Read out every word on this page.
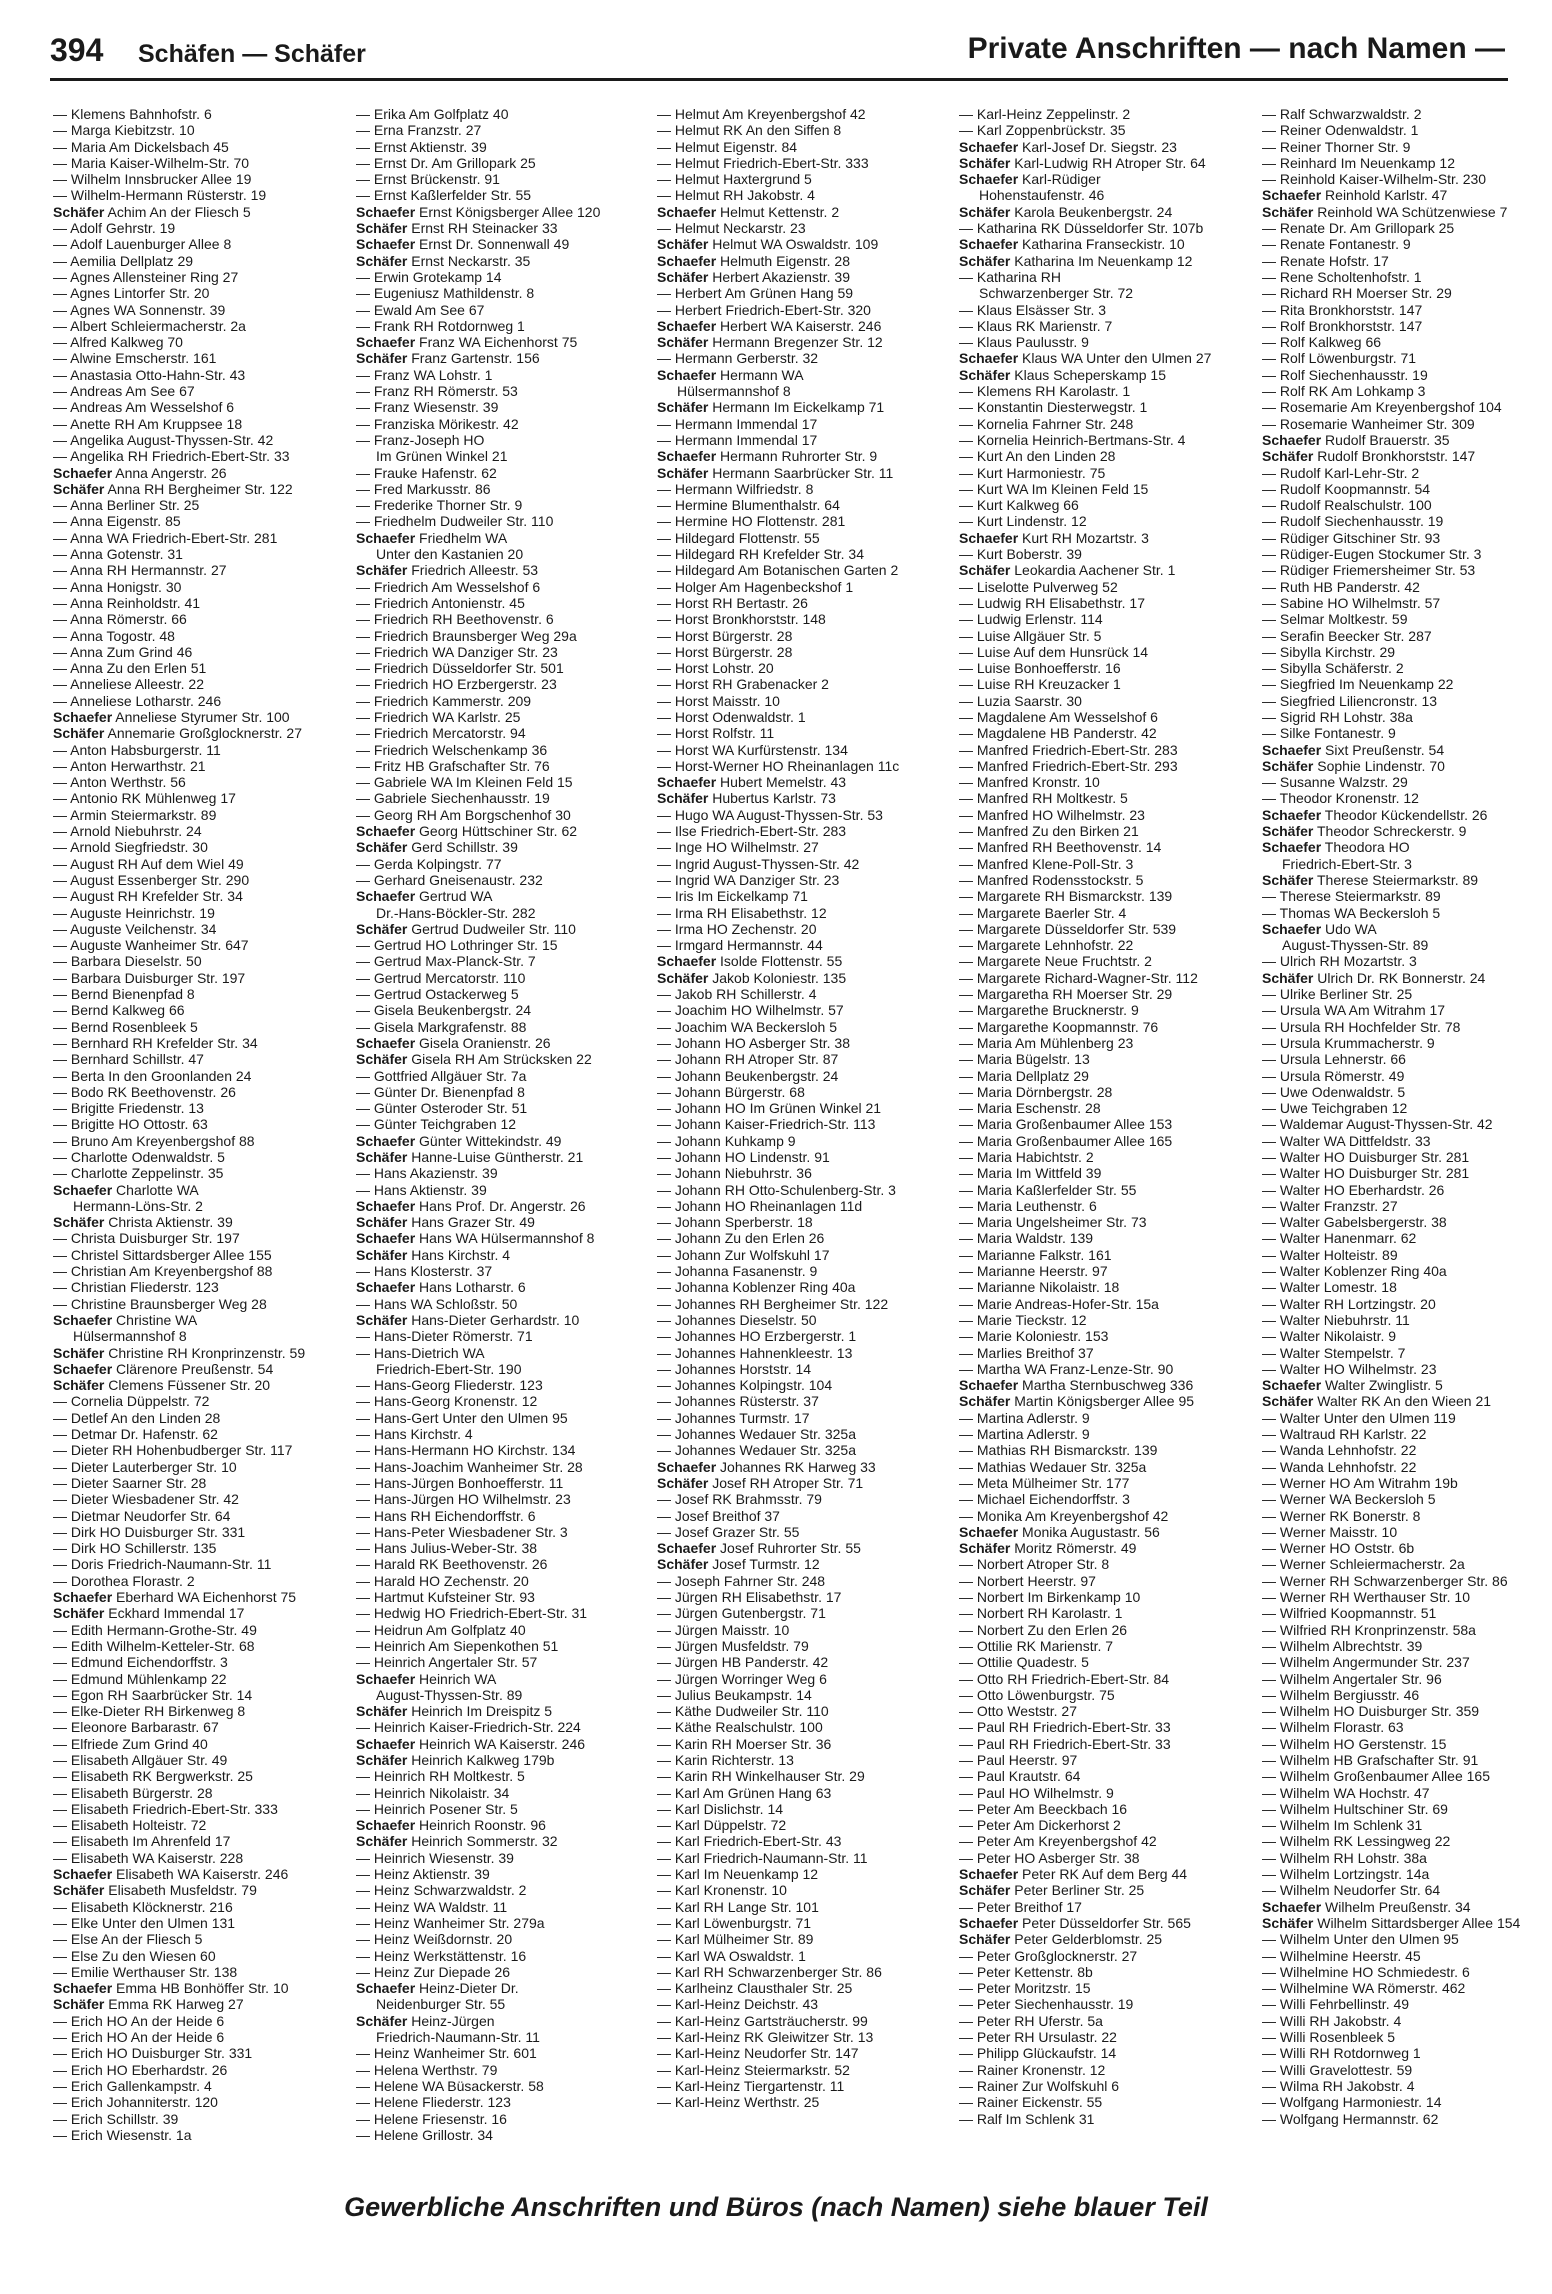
394 Schäfen — Schäfer	Private Anschriften — nach Namen —
— Klemens Bahnhofstr. 6
— Marga Kiebitzstr. 10
— Maria Am Dickelsbach 45
— Maria Kaiser-Wilhelm-Str. 70
— Wilhelm Innsbrucker Allee 19
— Wilhelm-Hermann Rüsterstr. 19
Schäfer Achim An der Fliesch 5
— Adolf Gehrstr. 19
— Adolf Lauenburger Allee 8
— Aemilia Dellplatz 29
— Agnes Allensteiner Ring 27
— Agnes Lintorfer Str. 20
— Agnes WA Sonnenstr. 39
— Albert Schleiermacherstr. 2a
— Alfred Kalkweg 70
— Alwine Emscherstr. 161
— Anastasia Otto-Hahn-Str. 43
— Andreas Am See 67
— Andreas Am Wesselshof 6
— Anette RH Am Kruppsee 18
— Angelika August-Thyssen-Str. 42
— Angelika RH Friedrich-Ebert-Str. 33
Schaefer Anna Angerstr. 26
Schäfer Anna RH Bergheimer Str. 122
— Anna Berliner Str. 25
— Anna Eigenstr. 85
— Anna WA Friedrich-Ebert-Str. 281
— Anna Gotenstr. 31
— Anna RH Hermannstr. 27
— Anna Honigstr. 30
— Anna Reinholdstr. 41
— Anna Römerstr. 66
— Anna Togostr. 48
— Anna Zum Grind 46
— Anna Zu den Erlen 51
— Anneliese Alleestr. 22
— Anneliese Lotharstr. 246
Schaefer Anneliese Styrumer Str. 100
Schäfer Annemarie Großglocknerstr. 27
— Anton Habsburgerstr. 11
— Anton Herwarthstr. 21
— Anton Werthstr. 56
— Antonio RK Mühlenweg 17
— Armin Steiermarkstr. 89
— Arnold Niebuhrstr. 24
— Arnold Siegfriedstr. 30
— August RH Auf dem Wiel 49
— August Essenberger Str. 290
— August RH Krefelder Str. 34
— Auguste Heinrichstr. 19
— Auguste Veilchenstr. 34
— Auguste Wanheimer Str. 647
— Barbara Dieselstr. 50
— Barbara Duisburger Str. 197
— Bernd Bienenpfad 8
— Bernd Kalkweg 66
— Bernd Rosenbleek 5
— Bernhard RH Krefelder Str. 34
— Bernhard Schillstr. 47
— Berta In den Groonlanden 24
— Bodo RK Beethovenstr. 26
— Brigitte Friedenstr. 13
— Brigitte HO Ottostr. 63
— Bruno Am Kreyenbergshof 88
— Charlotte Odenwaldstr. 5
— Charlotte Zeppelinstr. 35
Schaefer Charlotte WA
Hermann-Löns-Str. 2
Schäfer Christa Aktienstr. 39
— Christa Duisburger Str. 197
— Christel Sittardsberger Allee 155
— Christian Am Kreyenbergshof 88
— Christian Fliederstr. 123
— Christine Braunsberger Weg 28
Schaefer Christine WA
Hülsermannshof 8
Schäfer Christine RH Kronprinzenstr. 59
Schaefer Clärenore Preußenstr. 54
Schäfer Clemens Füssener Str. 20
— Cornelia Düppelstr. 72
— Detlef An den Linden 28
— Detmar Dr. Hafenstr. 62
— Dieter RH Hohenbudberger Str. 117
— Dieter Lauterberger Str. 10
— Dieter Saarner Str. 28
— Dieter Wiesbadener Str. 42
— Dietmar Neudorfer Str. 64
— Dirk HO Duisburger Str. 331
— Dirk HO Schillerstr. 135
— Doris Friedrich-Naumann-Str. 11
— Dorothea Florastr. 2
Schaefer Eberhard WA Eichenhorst 75
Schäfer Eckhard Immendal 17
— Edith Hermann-Grothe-Str. 49
— Edith Wilhelm-Ketteler-Str. 68
— Edmund Eichendorffstr. 3
— Edmund Mühlenkamp 22
— Egon RH Saarbrücker Str. 14
— Elke-Dieter RH Birkenweg 8
— Eleonore Barbarastr. 67
— Elfriede Zum Grind 40
— Elisabeth Allgäuer Str. 49
— Elisabeth RK Bergwerkstr. 25
— Elisabeth Bürgerstr. 28
— Elisabeth Friedrich-Ebert-Str. 333
— Elisabeth Holteistr. 72
— Elisabeth Im Ahrenfeld 17
— Elisabeth WA Kaiserstr. 228
Schaefer Elisabeth WA Kaiserstr. 246
Schäfer Elisabeth Musfeldstr. 79
— Elisabeth Klöcknerstr. 216
— Elke Unter den Ulmen 131
— Else An der Fliesch 5
— Else Zu den Wiesen 60
— Emilie Werthauser Str. 138
Schaefer Emma HB Bonhöffer Str. 10
Schäfer Emma RK Harweg 27
— Erich HO An der Heide 6
— Erich HO An der Heide 6
— Erich HO Duisburger Str. 331
— Erich HO Eberhardstr. 26
— Erich Gallenkampstr. 4
— Erich Johanniterstr. 120
— Erich Schillstr. 39
— Erich Wiesenstr. 1a
— Erika Am Golfplatz 40
— Erna Franzstr. 27
— Ernst Aktienstr. 39
— Ernst Dr. Am Grillopark 25
— Ernst Brückenstr. 91
— Ernst Kaßlerfelder Str. 55
Schaefer Ernst Königsberger Allee 120
Schäfer Ernst RH Steinacker 33
Schaefer Ernst Dr. Sonnenwall 49
Schäfer Ernst Neckarstr. 35
— Erwin Grotekamp 14
— Eugeniusz Mathildenstr. 8
— Ewald Am See 67
— Frank RH Rotdornweg 1
Schaefer Franz WA Eichenhorst 75
Schäfer Franz Gartenstr. 156
— Franz WA Lohstr. 1
— Franz RH Römerstr. 53
— Franz Wiesenstr. 39
— Franziska Mörikestr. 42
— Franz-Joseph HO
Im Grünen Winkel 21
— Frauke Hafenstr. 62
— Fred Markusstr. 86
— Frederike Thorner Str. 9
— Friedhelm Dudweiler Str. 110
Schaefer Friedhelm WA
Unter den Kastanien 20
Schäfer Friedrich Alleestr. 53
— Friedrich Am Wesselshof 6
— Friedrich Antonienstr. 45
— Friedrich RH Beethovenstr. 6
— Friedrich Braunsberger Weg 29a
— Friedrich WA Danziger Str. 23
— Friedrich Düsseldorfer Str. 501
— Friedrich HO Erzbergerstr. 23
— Friedrich Kammerstr. 209
— Friedrich WA Karlstr. 25
— Friedrich Mercatorstr. 94
— Friedrich Welschenkamp 36
— Fritz HB Grafschafter Str. 76
— Gabriele WA Im Kleinen Feld 15
— Gabriele Siechenhausstr. 19
— Georg RH Am Borgschenhof 30
Schaefer Georg Hüttschiner Str. 62
Schäfer Gerd Schillstr. 39
— Gerda Kolpingstr. 77
— Gerhard Gneisenaustr. 232
Schaefer Gertrud WA
Dr.-Hans-Böckler-Str. 282
Schäfer Gertrud Dudweiler Str. 110
— Gertrud HO Lothringer Str. 15
— Gertrud Max-Planck-Str. 7
— Gertrud Mercatorstr. 110
— Gertrud Ostackerweg 5
— Gisela Beukenbergstr. 24
— Gisela Markgrafenstr. 88
Schaefer Gisela Oranienstr. 26
Schäfer Gisela RH Am Strücksken 22
— Gottfried Allgäuer Str. 7a
— Günter Dr. Bienenpfad 8
— Günter Osteroder Str. 51
— Günter Teichgraben 12
Schaefer Günter Wittekindstr. 49
Schäfer Hanne-Luise Güntherstr. 21
— Hans Akazienstr. 39
— Hans Aktienstr. 39
Schaefer Hans Prof. Dr. Angerstr. 26
Schäfer Hans Grazer Str. 49
Schaefer Hans WA Hülsermannshof 8
Schäfer Hans Kirchstr. 4
— Hans Klosterstr. 37
Schaefer Hans Lotharstr. 6
— Hans WA Schloßstr. 50
Schäfer Hans-Dieter Gerhardstr. 10
— Hans-Dieter Römerstr. 71
— Hans-Dietrich WA
Friedrich-Ebert-Str. 190
— Hans-Georg Fliederstr. 123
— Hans-Georg Kronenstr. 12
— Hans-Gert Unter den Ulmen 95
— Hans Kirchstr. 4
— Hans-Hermann HO Kirchstr. 134
— Hans-Joachim Wanheimer Str. 28
— Hans-Jürgen Bonhoefferstr. 11
— Hans-Jürgen HO Wilhelmstr. 23
— Hans RH Eichendorffstr. 6
— Hans-Peter Wiesbadener Str. 3
— Hans Julius-Weber-Str. 38
— Harald RK Beethovenstr. 26
— Harald HO Zechenstr. 20
— Hartmut Kufsteiner Str. 93
— Hedwig HO Friedrich-Ebert-Str. 31
— Heidrun Am Golfplatz 40
— Heinrich Am Siepenkothen 51
— Heinrich Angertaler Str. 57
Schaefer Heinrich WA
August-Thyssen-Str. 89
Schäfer Heinrich Im Dreispitz 5
— Heinrich Kaiser-Friedrich-Str. 224
Schaefer Heinrich WA Kaiserstr. 246
Schäfer Heinrich Kalkweg 179b
— Heinrich RH Moltkestr. 5
— Heinrich Nikolaistr. 34
— Heinrich Posener Str. 5
Schaefer Heinrich Roonstr. 96
Schäfer Heinrich Sommerstr. 32
— Heinrich Wiesenstr. 39
— Heinz Aktienstr. 39
— Heinz Schwarzwaldstr. 2
— Heinz WA Waldstr. 11
— Heinz Wanheimer Str. 279a
— Heinz Weißdornstr. 20
— Heinz Werkstättenstr. 16
— Heinz Zur Diepade 26
Schaefer Heinz-Dieter Dr.
Neidenburger Str. 55
Schäfer Heinz-Jürgen
Friedrich-Naumann-Str. 11
— Heinz Wanheimer Str. 601
— Helena Werthstr. 79
— Helene WA Büsackerstr. 58
— Helene Fliederstr. 123
— Helene Friesenstr. 16
— Helene Grillostr. 34
— Helmut Am Kreyenbergshof 42
— Helmut RK An den Siffen 8
— Helmut Eigenstr. 84
— Helmut Friedrich-Ebert-Str. 333
— Helmut Haxtergrund 5
— Helmut RH Jakobstr. 4
Schaefer Helmut Kettenstr. 2
— Helmut Neckarstr. 23
Schäfer Helmut WA Oswaldstr. 109
Schaefer Helmuth Eigenstr. 28
Schäfer Herbert Akazienstr. 39
— Herbert Am Grünen Hang 59
— Herbert Friedrich-Ebert-Str. 320
Schaefer Herbert WA Kaiserstr. 246
Schäfer Hermann Bregenzer Str. 12
— Hermann Gerberstr. 32
Schaefer Hermann WA
Hülsermannshof 8
Schäfer Hermann Im Eickelkamp 71
— Hermann Immendal 17
— Hermann Immendal 17
Schaefer Hermann Ruhrorter Str. 9
Schäfer Hermann Saarbrücker Str. 11
— Hermann Wilfriedstr. 8
— Hermine Blumenthalstr. 64
— Hermine HO Flottenstr. 281
— Hildegard Flottenstr. 55
— Hildegard RH Krefelder Str. 34
— Hildegard Am Botanischen Garten 2
— Holger Am Hagenbeckshof 1
— Horst RH Bertastr. 26
— Horst Bronkhorststr. 148
— Horst Bürgerstr. 28
— Horst Bürgerstr. 28
— Horst Lohstr. 20
— Horst RH Grabenacker 2
— Horst Maisstr. 10
— Horst Odenwaldstr. 1
— Horst Rolfstr. 11
— Horst WA Kurfürstenstr. 134
— Horst-Werner HO Rheinanlagen 11c
Schaefer Hubert Memelstr. 43
Schäfer Hubertus Karlstr. 73
— Hugo WA August-Thyssen-Str. 53
— Ilse Friedrich-Ebert-Str. 283
— Inge HO Wilhelmstr. 27
— Ingrid August-Thyssen-Str. 42
— Ingrid WA Danziger Str. 23
— Iris Im Eickelkamp 71
— Irma RH Elisabethstr. 12
— Irma HO Zechenstr. 20
— Irmgard Hermannstr. 44
Schaefer Isolde Flottenstr. 55
Schäfer Jakob Koloniestr. 135
— Jakob RH Schillerstr. 4
— Joachim HO Wilhelmstr. 57
— Joachim WA Beckersloh 5
— Johann HO Asberger Str. 38
— Johann RH Atroper Str. 87
— Johann Beukenbergstr. 24
— Johann Bürgerstr. 68
— Johann HO Im Grünen Winkel 21
— Johann Kaiser-Friedrich-Str. 113
— Johann Kuhkamp 9
— Johann HO Lindenstr. 91
— Johann Niebuhrstr. 36
— Johann RH Otto-Schulenberg-Str. 3
— Johann HO Rheinanlagen 11d
— Johann Sperberstr. 18
— Johann Zu den Erlen 26
— Johann Zur Wolfskuhl 17
— Johanna Fasanenstr. 9
— Johanna Koblenzer Ring 40a
— Johannes RH Bergheimer Str. 122
— Johannes Dieselstr. 50
— Johannes HO Erzbergerstr. 1
— Johannes Hahnenkleestr. 13
— Johannes Horststr. 14
— Johannes Kolpingstr. 104
— Johannes Rüsterstr. 37
— Johannes Turmstr. 17
— Johannes Wedauer Str. 325a
— Johannes Wedauer Str. 325a
Schaefer Johannes RK Harweg 33
Schäfer Josef RH Atroper Str. 71
— Josef RK Brahmsstr. 79
— Josef Breithof 37
— Josef Grazer Str. 55
Schaefer Josef Ruhrorter Str. 55
Schäfer Josef Turmstr. 12
— Joseph Fahrner Str. 248
— Jürgen RH Elisabethstr. 17
— Jürgen Gutenbergstr. 71
— Jürgen Maisstr. 10
— Jürgen Musfeldstr. 79
— Jürgen HB Panderstr. 42
— Jürgen Worringer Weg 6
— Julius Beukampstr. 14
— Käthe Dudweiler Str. 110
— Käthe Realschulstr. 100
— Karin RH Moerser Str. 36
— Karin Richterstr. 13
— Karin RH Winkelhauser Str. 29
— Karl Am Grünen Hang 63
— Karl Dislichstr. 14
— Karl Düppelstr. 72
— Karl Friedrich-Ebert-Str. 43
— Karl Friedrich-Naumann-Str. 11
— Karl Im Neuenkamp 12
— Karl Kronenstr. 10
— Karl RH Lange Str. 101
— Karl Löwenburgstr. 71
— Karl Mülheimer Str. 89
— Karl WA Oswaldstr. 1
— Karl RH Schwarzenberger Str. 86
— Karlheinz Clausthaler Str. 25
— Karl-Heinz Deichstr. 43
— Karl-Heinz Gartsträucherstr. 99
— Karl-Heinz RK Gleiwitzer Str. 13
— Karl-Heinz Neudorfer Str. 147
— Karl-Heinz Steiermarkstr. 52
— Karl-Heinz Tiergartenstr. 11
— Karl-Heinz Werthstr. 25
— Karl-Heinz Zeppelinstr. 2
— Karl Zoppenbrückstr. 35
Schaefer Karl-Josef Dr. Siegstr. 23
Schäfer Karl-Ludwig RH Atroper Str. 64
Schaefer Karl-Rüdiger
Hohenstaufenstr. 46
Schäfer Karola Beukenbergstr. 24
— Katharina RK Düsseldorfer Str. 107b
Schaefer Katharina Franseckistr. 10
Schäfer Katharina Im Neuenkamp 12
— Katharina RH
Schwarzenberger Str. 72
— Klaus Elsässer Str. 3
— Klaus RK Marienstr. 7
— Klaus Paulusstr. 9
Schaefer Klaus WA Unter den Ulmen 27
Schäfer Klaus Scheperskamp 15
— Klemens RH Karolastr. 1
— Konstantin Diesterwegstr. 1
— Kornelia Fahrner Str. 248
— Kornelia Heinrich-Bertmans-Str. 4
— Kurt An den Linden 28
— Kurt Harmoniestr. 75
— Kurt WA Im Kleinen Feld 15
— Kurt Kalkweg 66
— Kurt Lindenstr. 12
Schaefer Kurt RH Mozartstr. 3
— Kurt Boberstr. 39
Schäfer Leokardia Aachener Str. 1
— Liselotte Pulverweg 52
— Ludwig RH Elisabethstr. 17
— Ludwig Erlenstr. 114
— Luise Allgäuer Str. 5
— Luise Auf dem Hunsrück 14
— Luise Bonhoefferstr. 16
— Luise RH Kreuzacker 1
— Luzia Saarstr. 30
— Magdalene Am Wesselshof 6
— Magdalene HB Panderstr. 42
— Manfred Friedrich-Ebert-Str. 283
— Manfred Friedrich-Ebert-Str. 293
— Manfred Kronstr. 10
— Manfred RH Moltkestr. 5
— Manfred HO Wilhelmstr. 23
— Manfred Zu den Birken 21
— Manfred RH Beethovenstr. 14
— Manfred Klene-Poll-Str. 3
— Manfred Rodensstockstr. 5
— Margarete RH Bismarckstr. 139
— Margarete Baerler Str. 4
— Margarete Düsseldorfer Str. 539
— Margarete Lehnhofstr. 22
— Margarete Neue Fruchtstr. 2
— Margarete Richard-Wagner-Str. 112
— Margaretha RH Moerser Str. 29
— Margarethe Brucknerstr. 9
— Margarethe Koopmannstr. 76
— Maria Am Mühlenberg 23
— Maria Bügelstr. 13
— Maria Dellplatz 29
— Maria Dörnbergstr. 28
— Maria Eschenstr. 28
— Maria Großenbaumer Allee 153
— Maria Großenbaumer Allee 165
— Maria Habichtstr. 2
— Maria Im Wittfeld 39
— Maria Kaßlerfelder Str. 55
— Maria Leuthenstr. 6
— Maria Ungelsheimer Str. 73
— Maria Waldstr. 139
— Marianne Falkstr. 161
— Marianne Heerstr. 97
— Marianne Nikolaistr. 18
— Marie Andreas-Hofer-Str. 15a
— Marie Tieckstr. 12
— Marie Koloniestr. 153
— Marlies Breithof 37
— Martha WA Franz-Lenze-Str. 90
Schaefer Martha Sternbuschweg 336
Schäfer Martin Königsberger Allee 95
— Martina Adlerstr. 9
— Martina Adlerstr. 9
— Mathias RH Bismarckstr. 139
— Mathias Wedauer Str. 325a
— Meta Mülheimer Str. 177
— Michael Eichendorffstr. 3
— Monika Am Kreyenbergshof 42
Schaefer Monika Augustastr. 56
Schäfer Moritz Römerstr. 49
— Norbert Atroper Str. 8
— Norbert Heerstr. 97
— Norbert Im Birkenkamp 10
— Norbert RH Karolastr. 1
— Norbert Zu den Erlen 26
— Ottilie RK Marienstr. 7
— Ottilie Quadestr. 5
— Otto RH Friedrich-Ebert-Str. 84
— Otto Löwenburgstr. 75
— Otto Weststr. 27
— Paul RH Friedrich-Ebert-Str. 33
— Paul RH Friedrich-Ebert-Str. 33
— Paul Heerstr. 97
— Paul Krautstr. 64
— Paul HO Wilhelmstr. 9
— Peter Am Beeckbach 16
— Peter Am Dickerhorst 2
— Peter Am Kreyenbergshof 42
— Peter HO Asberger Str. 38
Schaefer Peter RK Auf dem Berg 44
Schäfer Peter Berliner Str. 25
— Peter Breithof 17
Schaefer Peter Düsseldorfer Str. 565
Schäfer Peter Gelderblomstr. 25
— Peter Großglocknerstr. 27
— Peter Kettenstr. 8b
— Peter Moritzstr. 15
— Peter Siechenhausstr. 19
— Peter RH Uferstr. 5a
— Peter RH Ursulastr. 22
— Philipp Glückaufstr. 14
— Rainer Kronenstr. 12
— Rainer Zur Wolfskuhl 6
— Rainer Eickenstr. 55
— Ralf Im Schlenk 31
— Ralf Schwarzwaldstr. 2
— Reiner Odenwaldstr. 1
— Reiner Thorner Str. 9
— Reinhard Im Neuenkamp 12
— Reinhold Kaiser-Wilhelm-Str. 230
Schaefer Reinhold Karlstr. 47
Schäfer Reinhold WA Schützenwiese 7
— Renate Dr. Am Grillopark 25
— Renate Fontanestr. 9
— Renate Hofstr. 17
— Rene Scholtenhofstr. 1
— Richard RH Moerser Str. 29
— Rita Bronkhorststr. 147
— Rolf Bronkhorststr. 147
— Rolf Kalkweg 66
— Rolf Löwenburgstr. 71
— Rolf Siechenhausstr. 19
— Rolf RK Am Lohkamp 3
— Rosemarie Am Kreyenbergshof 104
— Rosemarie Wanheimer Str. 309
Schaefer Rudolf Brauerstr. 35
Schäfer Rudolf Bronkhorststr. 147
— Rudolf Karl-Lehr-Str. 2
— Rudolf Koopmannstr. 54
— Rudolf Realschulstr. 100
— Rudolf Siechenhausstr. 19
— Rüdiger Gitschiner Str. 93
— Rüdiger-Eugen Stockumer Str. 3
— Rüdiger Friemersheimer Str. 53
— Ruth HB Panderstr. 42
— Sabine HO Wilhelmstr. 57
— Selmar Moltkestr. 59
— Serafin Beecker Str. 287
— Sibylla Kirchstr. 29
— Sibylla Schäferstr. 2
— Siegfried Im Neuenkamp 22
— Siegfried Liliencronstr. 13
— Sigrid RH Lohstr. 38a
— Silke Fontanestr. 9
Schaefer Sixt Preußenstr. 54
Schäfer Sophie Lindenstr. 70
— Susanne Walzstr. 29
— Theodor Kronenstr. 12
Schaefer Theodor Kückendellstr. 26
Schäfer Theodor Schreckerstr. 9
Schaefer Theodora HO
Friedrich-Ebert-Str. 3
Schäfer Therese Steiermarkstr. 89
— Therese Steiermarkstr. 89
— Thomas WA Beckersloh 5
Schaefer Udo WA
August-Thyssen-Str. 89
— Ulrich RH Mozartstr. 3
Schäfer Ulrich Dr. RK Bonnerstr. 24
— Ulrike Berliner Str. 25
— Ursula WA Am Witrahm 17
— Ursula RH Hochfelder Str. 78
— Ursula Krummacherstr. 9
— Ursula Lehnerstr. 66
— Ursula Römerstr. 49
— Uwe Odenwaldstr. 5
— Uwe Teichgraben 12
— Waldemar August-Thyssen-Str. 42
— Walter WA Dittfeldstr. 33
— Walter HO Duisburger Str. 281
— Walter HO Duisburger Str. 281
— Walter HO Eberhardstr. 26
— Walter Franzstr. 27
— Walter Gabelsbergerstr. 38
— Walter Hanenmarr. 62
— Walter Holteistr. 89
— Walter Koblenzer Ring 40a
— Walter Lomestr. 18
— Walter RH Lortzingstr. 20
— Walter Niebuhrstr. 11
— Walter Nikolaistr. 9
— Walter Stempelstr. 7
— Walter HO Wilhelmstr. 23
Schaefer Walter Zwinglistr. 5
Schäfer Walter RK An den Wieen 21
— Walter Unter den Ulmen 119
— Waltraud RH Karlstr. 22
— Wanda Lehnhofstr. 22
— Wanda Lehnhofstr. 22
— Werner HO Am Witrahm 19b
— Werner WA Beckersloh 5
— Werner RK Bonerstr. 8
— Werner Maisstr. 10
— Werner HO Oststr. 6b
— Werner Schleiermacherstr. 2a
— Werner RH Schwarzenberger Str. 86
— Werner RH Werthauser Str. 10
— Wilfried Koopmannstr. 51
— Wilfried RH Kronprinzenstr. 58a
— Wilhelm Albrechtstr. 39
— Wilhelm Angermunder Str. 237
— Wilhelm Angertaler Str. 96
— Wilhelm Bergiusstr. 46
— Wilhelm HO Duisburger Str. 359
— Wilhelm Florastr. 63
— Wilhelm HO Gerstenstr. 15
— Wilhelm HB Grafschafter Str. 91
— Wilhelm Großenbaumer Allee 165
— Wilhelm WA Hochstr. 47
— Wilhelm Hultschiner Str. 69
— Wilhelm Im Schlenk 31
— Wilhelm RK Lessingweg 22
— Wilhelm RH Lohstr. 38a
— Wilhelm Lortzingstr. 14a
— Wilhelm Neudorfer Str. 64
Schaefer Wilhelm Preußenstr. 34
Schäfer Wilhelm Sittardsberger Allee 154
— Wilhelm Unter den Ulmen 95
— Wilhelmine Heerstr. 45
— Wilhelmine HO Schmiedestr. 6
— Wilhelmine WA Römerstr. 462
— Willi Fehrbellinstr. 49
— Willi RH Jakobstr. 4
— Willi Rosenbleek 5
— Willi RH Rotdornweg 1
— Willi Gravelottestr. 59
— Wilma RH Jakobstr. 4
— Wolfgang Harmoniestr. 14
— Wolfgang Hermannstr. 62
Gewerbliche Anschriften und Büros (nach Namen) siehe blauer Teil
